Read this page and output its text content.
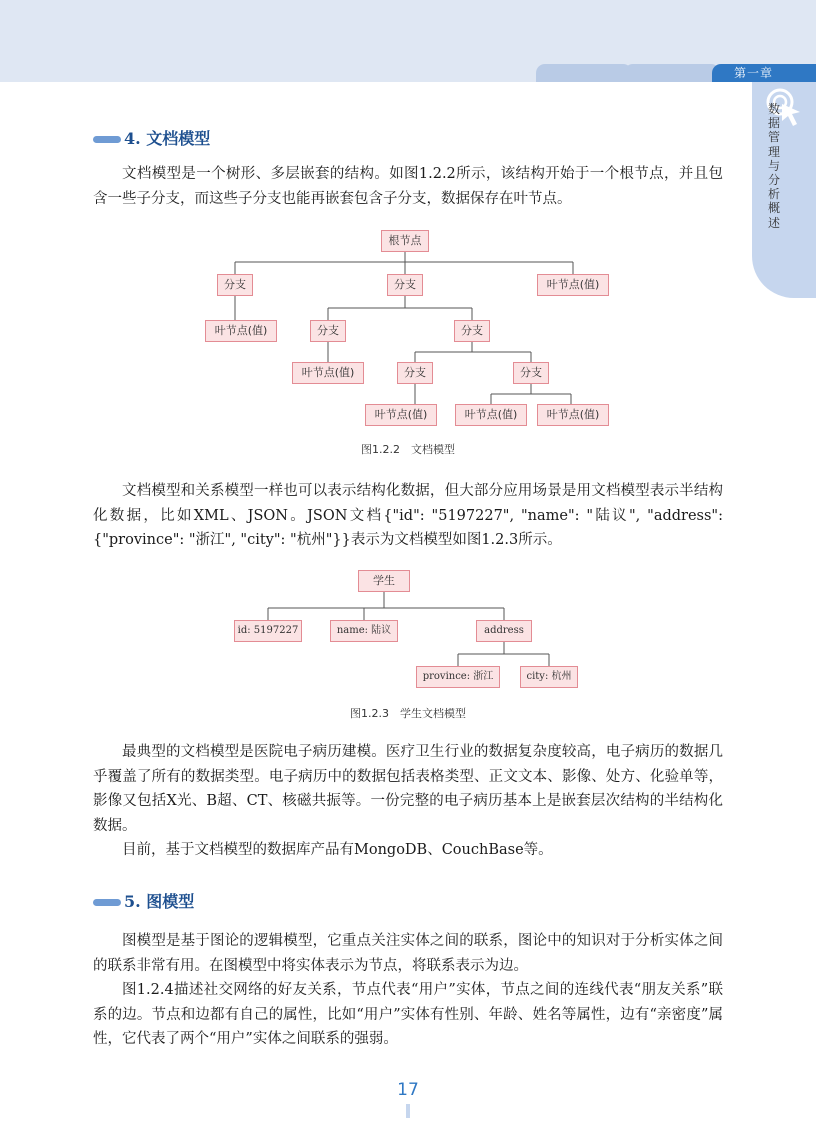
第一章
数据管理与分析概述
4. 文档模型

文档模型是一个树形、多层嵌套的结构。如图1.2.2所示，该结构开始于一个根节点，并且包含一些子分支，而这些子分支也能再嵌套包含子分支，数据保存在叶节点。

根节点
分支	分支	叶节点(值)
叶节点(值)	分支	分支
叶节点(值)	分支	分支
叶节点(值)	叶节点(值)	叶节点(值)
图1.2.2　文档模型

文档模型和关系模型一样也可以表示结构化数据，但大部分应用场景是用文档模型表示半结构化数据，比如XML、JSON。JSON文档{"id": "5197227", "name": "陆议", "address": {"province": "浙江", "city": "杭州"}}表示为文档模型如图1.2.3所示。

学生
id: 5197227	name: 陆议	address
province: 浙江	city: 杭州
图1.2.3　学生文档模型

最典型的文档模型是医院电子病历建模。医疗卫生行业的数据复杂度较高，电子病历的数据几乎覆盖了所有的数据类型。电子病历中的数据包括表格类型、正文文本、影像、处方、化验单等，影像又包括X光、B超、CT、核磁共振等。一份完整的电子病历基本上是嵌套层次结构的半结构化数据。

目前，基于文档模型的数据库产品有MongoDB、CouchBase等。

5. 图模型

图模型是基于图论的逻辑模型，它重点关注实体之间的联系，图论中的知识对于分析实体之间的联系非常有用。在图模型中将实体表示为节点，将联系表示为边。

图1.2.4描述社交网络的好友关系，节点代表“用户”实体，节点之间的连线代表“朋友关系”联系的边。节点和边都有自己的属性，比如“用户”实体有性别、年龄、姓名等属性，边有“亲密度”属性，它代表了两个“用户”实体之间联系的强弱。

17
